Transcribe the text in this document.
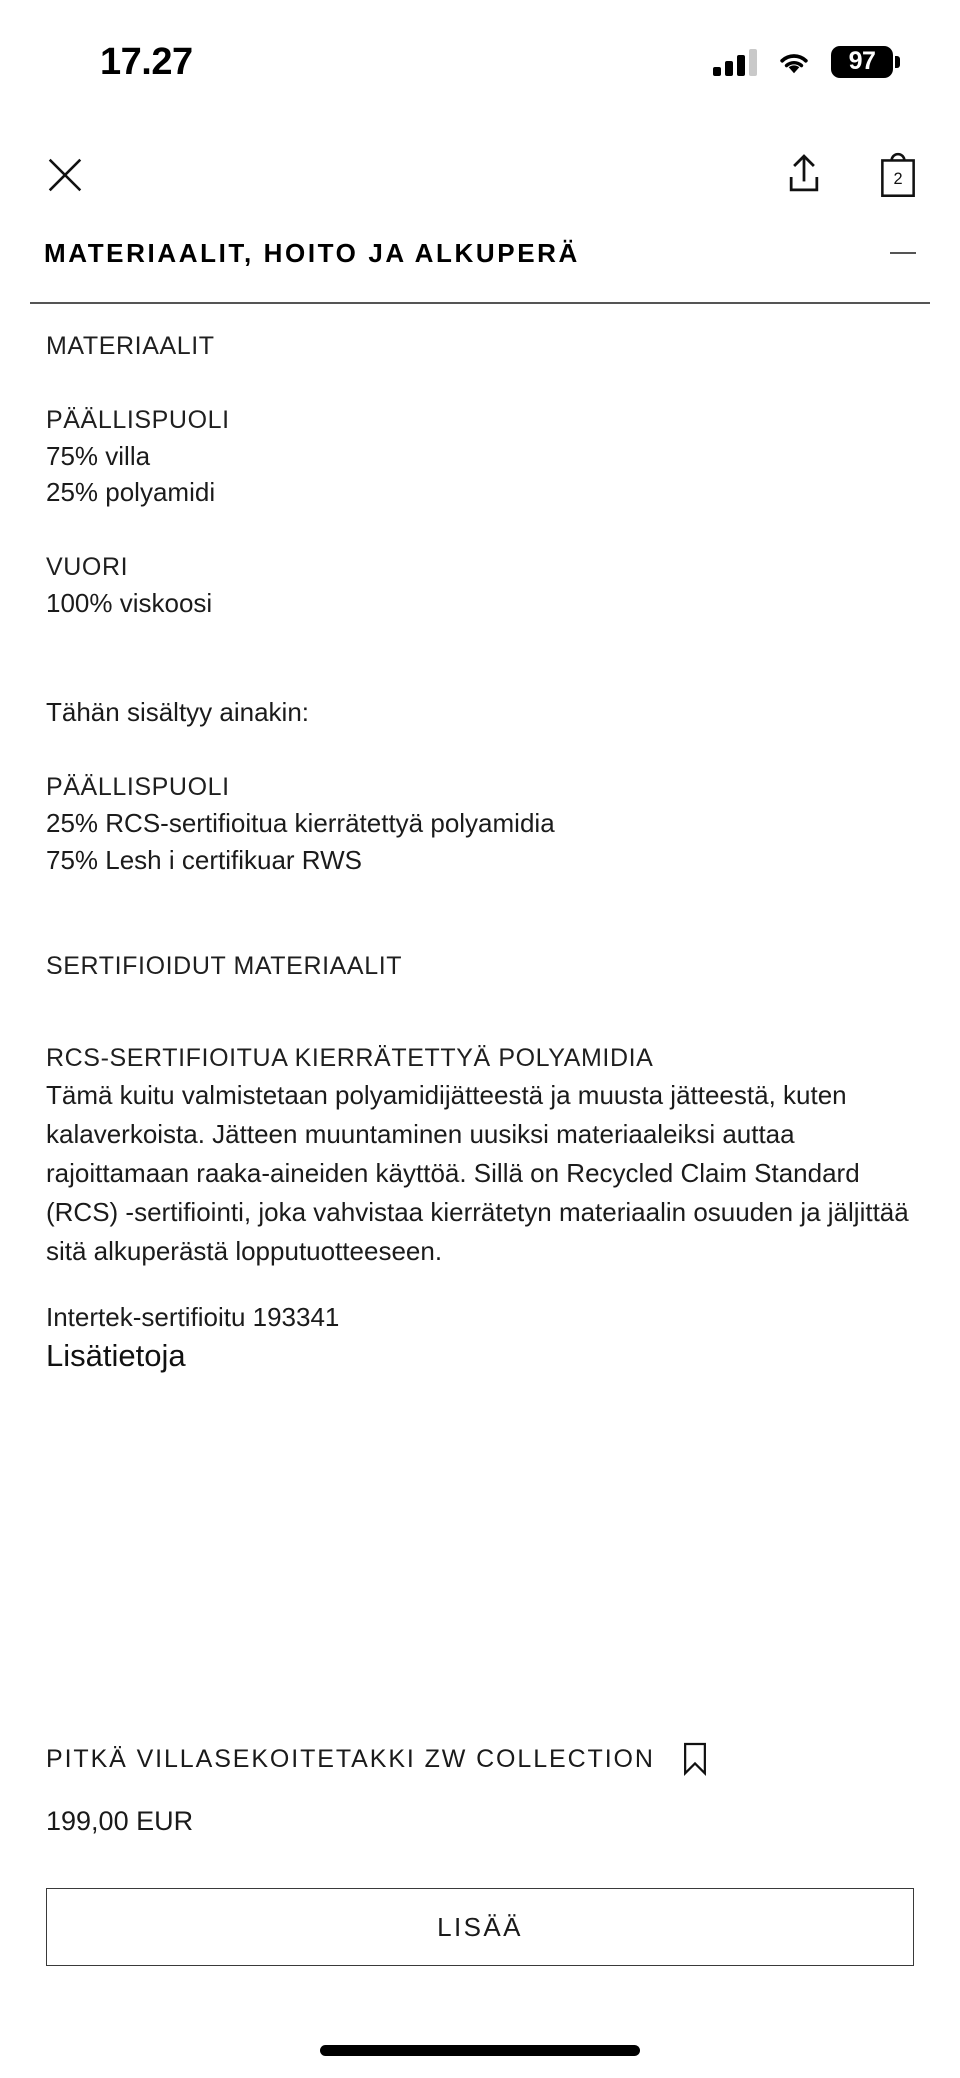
17.27	97
2
MATERIAALIT, HOITO JA ALKUPERÄ
MATERIAALIT
PÄÄLLISPUOLI
75% villa
25% polyamidi
VUORI
100% viskoosi
Tähän sisältyy ainakin:
PÄÄLLISPUOLI
25% RCS-sertifioitua kierrätettyä polyamidia
75% Lesh i certifikuar RWS
SERTIFIOIDUT MATERIAALIT
RCS-SERTIFIOITUA KIERRÄTETTYÄ POLYAMIDIA
Tämä kuitu valmistetaan polyamidijätteestä ja muusta jätteestä, kuten kalaverkoista. Jätteen muuntaminen uusiksi materiaaleiksi auttaa rajoittamaan raaka-aineiden käyttöä. Sillä on Recycled Claim Standard (RCS) -sertifiointi, joka vahvistaa kierrätetyn materiaalin osuuden ja jäljittää sitä alkuperästä lopputuotteeseen.
Intertek-sertifioitu 193341
Lisätietoja
PITKÄ VILLASEKOITETAKKI ZW COLLECTION
199,00 EUR
LISÄÄ
